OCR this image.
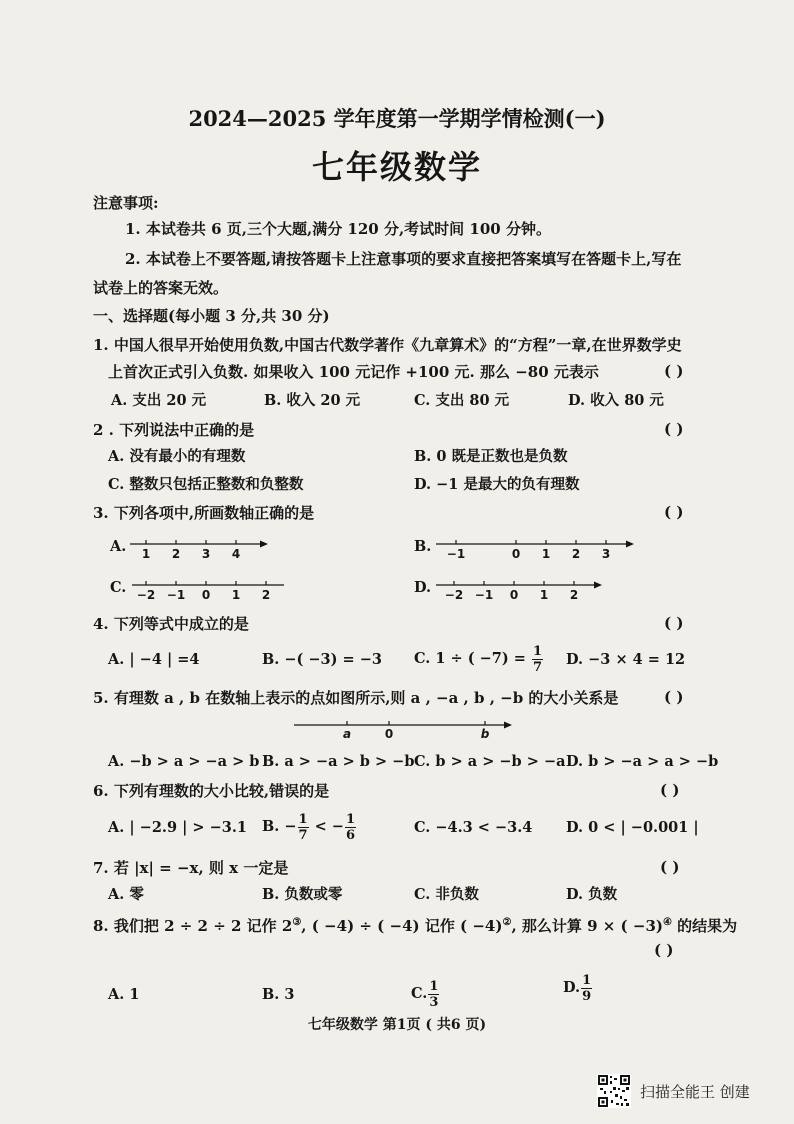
2024—2025 学年度第一学期学情检测(一)
七年级数学
注意事项:
1. 本试卷共 6 页,三个大题,满分 120 分,考试时间 100 分钟。
2. 本试卷上不要答题,请按答题卡上注意事项的要求直接把答案填写在答题卡上,写在
试卷上的答案无效。
一、选择题(每小题 3 分,共 30 分)
1. 中国人很早开始使用负数,中国古代数学著作《九章算术》的“方程”一章,在世界数学史
上首次正式引入负数. 如果收入 100 元记作 +100 元. 那么 −80 元表示	( )
A. 支出 20 元	B. 收入 20 元	C. 支出 80 元	D. 收入 80 元
2 . 下列说法中正确的是	( )
A. 没有最小的有理数	B. 0 既是正数也是负数
C. 整数只包括正整数和负整数	D. −1 是最大的负有理数
3. 下列各项中,所画数轴正确的是	( )
A. 1 2 3 4	B. −1	0 1 2 3
C. −2 −1 0 1 2	D. −2 −1 0 1 2
4. 下列等式中成立的是	( )
A. | −4 | =4	B. −( −3) = −3 C. 1 ÷ ( $-7) = \frac{1}{7} D$. −3 × 4 = 12
5. 有理数 a , b 在数轴上表示的点如图所示,则 a , −a , b , −b 的大小关系是	( )
a	0	b
A. −b > a > −a > b B. a > −a > b > −b C. b > a > −b > −a D. b > −a > a > −b
6. 下列有理数的大小比较,错误的是	( )
A. | −2.9 | > −3.1 B. − $\frac{1}{7}$ < − $\frac{1}{6}$	C. −4.3 < −3.4 D. 0 < | −0.001 |
7. 若 |x| = −x, 则 x 一定是	( )
A. 零	B. 负数或零	C. 非负数	D. 负数
8. 我们把 2 ÷ 2 ÷ 2 记作 2③, ( −4) ÷ ( −4) 记作 ( −4)②, 那么计算 9 × ( −3)④ 的结果为
( )
A. 1	B. 3	C. $\frac{1}{3}$	D. $\frac{1}{9}$
七年级数学 第1页 ( 共6 页)
扫描全能王 创建
